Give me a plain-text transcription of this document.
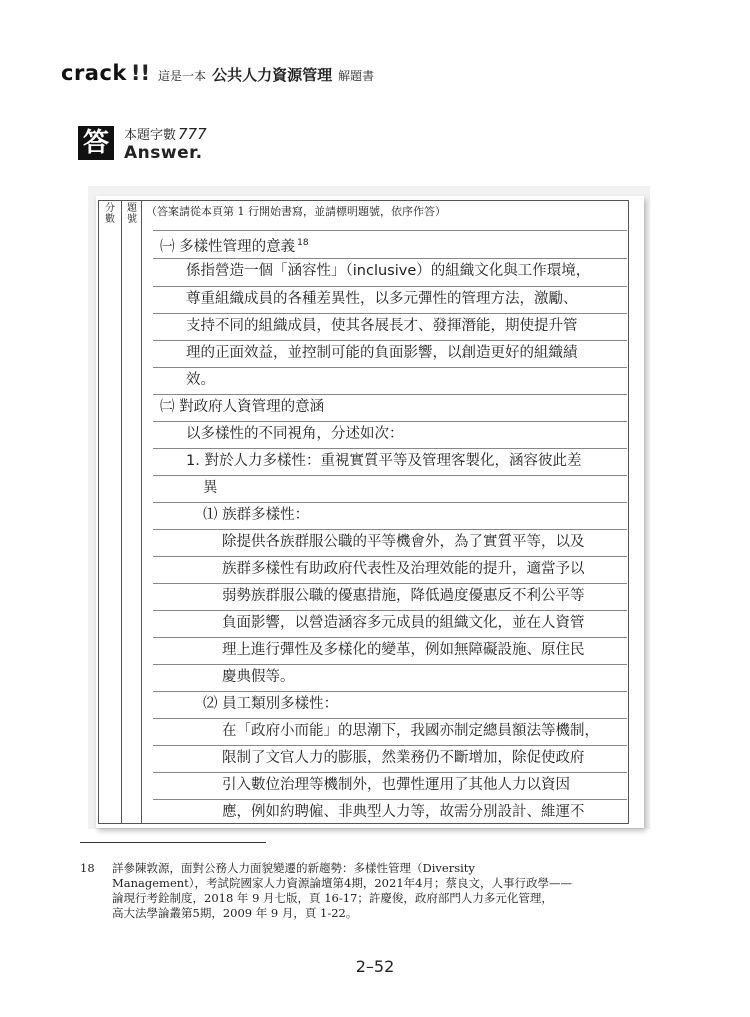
crack !! 這是一本 公共人力資源管理 解題書
答	本題字數 777
Answer.
分數
題號
（答案請從本頁第 1 行開始書寫，並請標明題號，依序作答）
㈠ 多樣性管理的意義 $^{18}$
係指營造一個「涵容性」（inclusive）的組織文化與工作環境，
尊重組織成員的各種差異性，以多元彈性的管理方法，激勵、
支持不同的組織成員，使其各展長才、發揮潛能，期使提升管
理的正面效益，並控制可能的負面影響，以創造更好的組織績
效。
㈡ 對政府人資管理的意涵
以多樣性的不同視角，分述如次：
1. 對於人力多樣性：重視實質平等及管理客製化，涵容彼此差
異
⑴ 族群多樣性：
除提供各族群服公職的平等機會外，為了實質平等，以及
族群多樣性有助政府代表性及治理效能的提升，適當予以
弱勢族群服公職的優惠措施，降低過度優惠反不利公平等
負面影響，以營造涵容多元成員的組織文化，並在人資管
理上進行彈性及多樣化的變革，例如無障礙設施、原住民
慶典假等。
⑵ 員工類別多樣性：
在「政府小而能」的思潮下，我國亦制定總員額法等機制，
限制了文官人力的膨脹，然業務仍不斷增加，除促使政府
引入數位治理等機制外，也彈性運用了其他人力以資因
應，例如約聘僱、非典型人力等，故需分別設計、維運不
18 詳參陳敦源，面對公務人力面貌變遷的新趨勢：多樣性管理（Diversity
Management），考試院國家人力資源論壇第4期，2021年4月；蔡良文，人事行政學——
論現行考銓制度，2018 年 9 月七版，頁 16-17；許慶俊，政府部門人力多元化管理，
高大法學論叢第5期，2009 年 9 月，頁 1-22。
2–52
